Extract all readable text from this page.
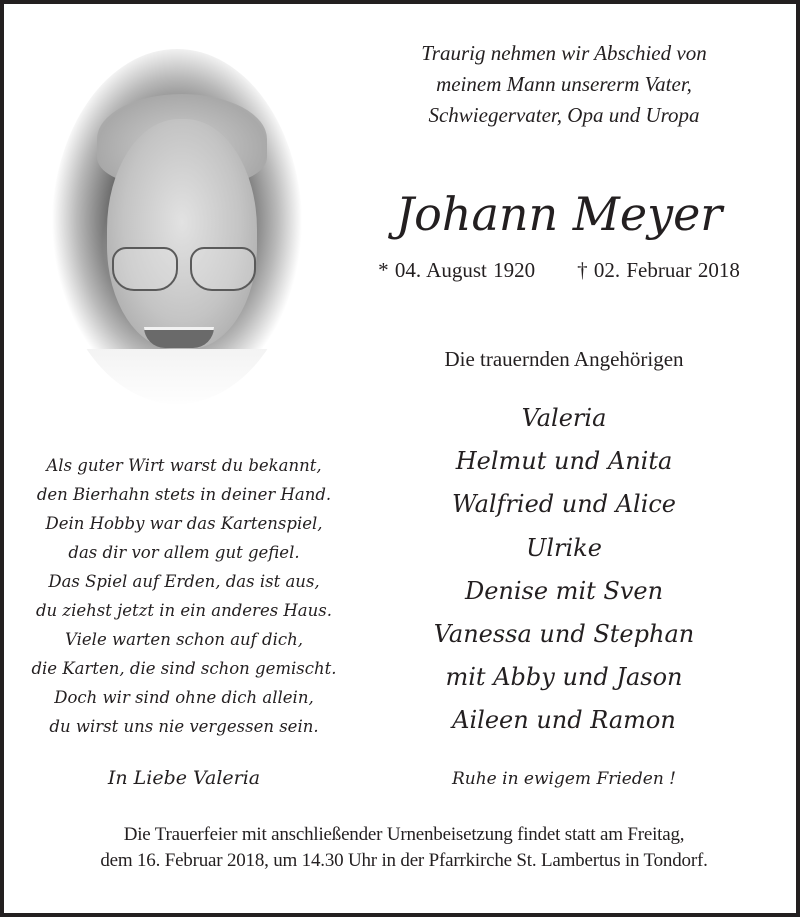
Traurig nehmen wir Abschied von
meinem Mann unsererm Vater,
Schwiegervater, Opa und Uropa
Johann Meyer
* 04. August 1920 † 02. Februar 2018
Die trauernden Angehörigen
Valeria
Helmut und Anita
Walfried und Alice
Ulrike
Denise mit Sven
Vanessa und Stephan
mit Abby und Jason
Aileen und Ramon
Ruhe in ewigem Frieden !
Als guter Wirt warst du bekannt,
den Bierhahn stets in deiner Hand.
Dein Hobby war das Kartenspiel,
das dir vor allem gut gefiel.
Das Spiel auf Erden, das ist aus,
du ziehst jetzt in ein anderes Haus.
Viele warten schon auf dich,
die Karten, die sind schon gemischt.
Doch wir sind ohne dich allein,
du wirst uns nie vergessen sein.
In Liebe Valeria
Die Trauerfeier mit anschließender Urnenbeisetzung findet statt am Freitag,
dem 16. Februar 2018, um 14.30 Uhr in der Pfarrkirche St. Lambertus in Tondorf.
